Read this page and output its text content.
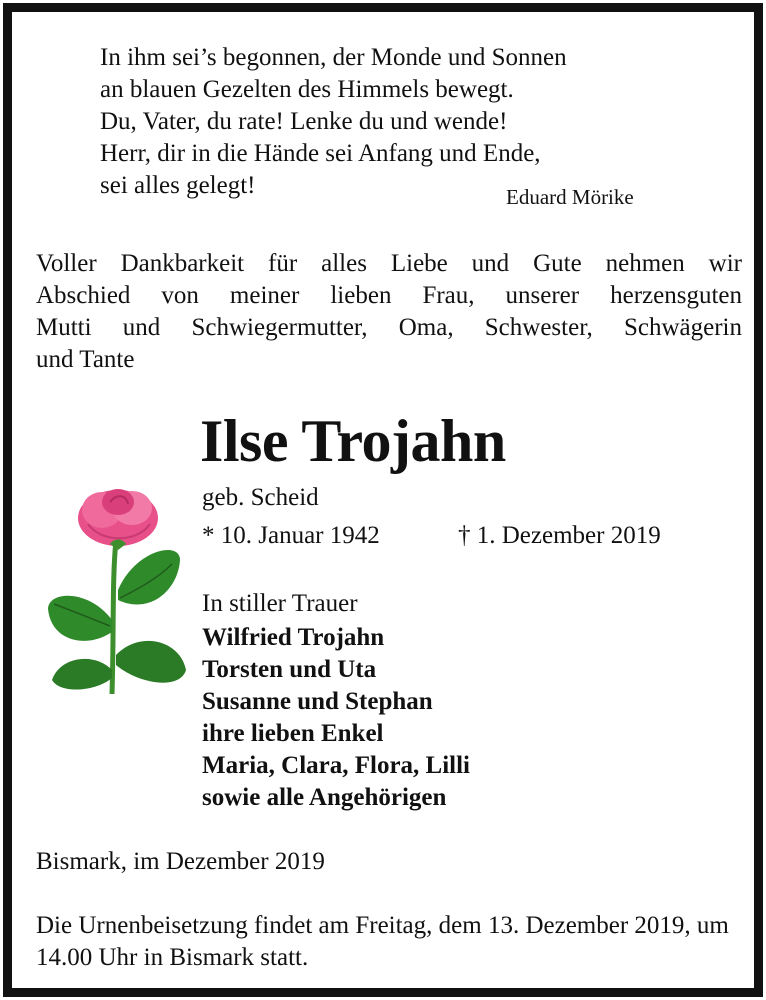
In ihm sei’s begonnen, der Monde und Sonnen
an blauen Gezelten des Himmels bewegt.
Du, Vater, du rate! Lenke du und wende!
Herr, dir in die Hände sei Anfang und Ende,
sei alles gelegt!	Eduard Mörike
Voller Dankbarkeit für alles Liebe und Gute nehmen wir
Abschied von meiner lieben Frau, unserer herzensguten
Mutti und Schwiegermutter, Oma, Schwester, Schwägerin
und Tante
Ilse Trojahn
geb. Scheid
* 10. Januar 1942	† 1. Dezember 2019
In stiller Trauer
Wilfried Trojahn
Torsten und Uta
Susanne und Stephan
ihre lieben Enkel
Maria, Clara, Flora, Lilli
sowie alle Angehörigen
Bismark, im Dezember 2019
Die Urnenbeisetzung findet am Freitag, dem 13. Dezember 2019, um 14.00 Uhr in Bismark statt.
